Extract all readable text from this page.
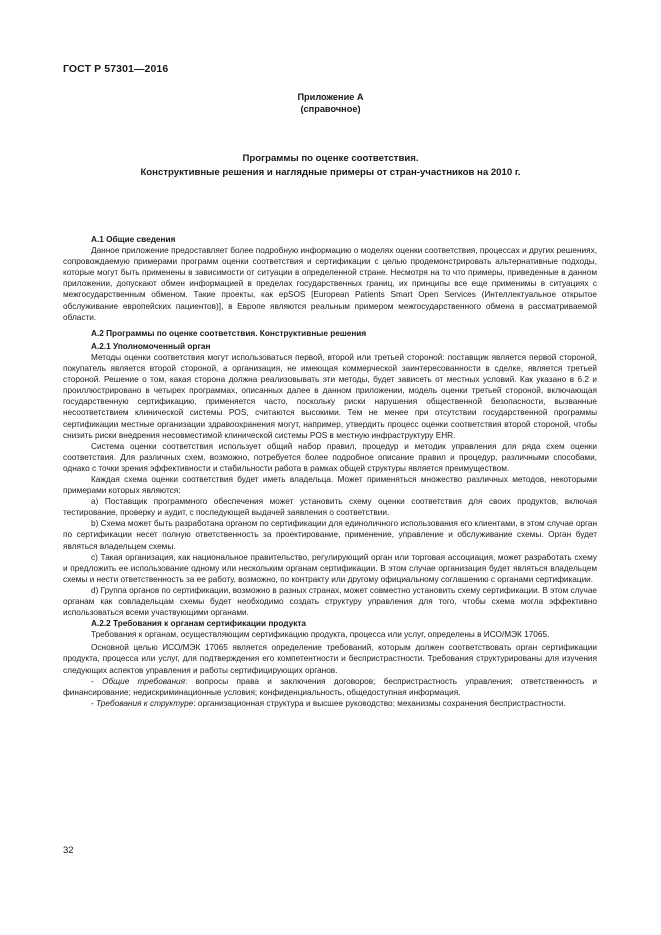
ГОСТ Р 57301—2016
Приложение А
(справочное)
Программы по оценке соответствия.
Конструктивные решения и наглядные примеры от стран-участников на 2010 г.

А.1 Общие сведения

Данное приложение предоставляет более подробную информацию о моделях оценки соответствия, процессах и других решениях, сопровождаемую примерами программ оценки соответствия и сертификации с целью продемонстрировать альтернативные подходы, которые могут быть применены в зависимости от ситуации в определенной стране. Несмотря на то что примеры, приведенные в данном приложении, допускают обмен информацией в пределах государственных границ, их принципы все еще применимы в ситуациях с межгосударственным обменом. Такие проекты, как epSOS [European Patients Smart Open Services (Интеллектуальное открытое обслуживание европейских пациентов)], в Европе являются реальным примером межгосударственного обмена в рассматриваемой области.

А.2 Программы по оценке соответствия. Конструктивные решения

А.2.1 Уполномоченный орган

Методы оценки соответствия могут использоваться первой, второй или третьей стороной: поставщик является первой стороной, покупатель является второй стороной, а организация, не имеющая коммерческой заинтересованности в сделке, является третьей стороной. Решение о том, какая сторона должна реализовывать эти методы, будет зависеть от местных условий. Как указано в 6.2 и проиллюстрировано в четырех программах, описанных далее в данном приложении, модель оценки третьей стороной, включающая государственную сертификацию, применяется часто, поскольку риски нарушения общественной безопасности, вызванные несоответствием клинической системы POS, считаются высокими. Тем не менее при отсутствии государственной программы сертификации местные организации здравоохранения могут, например, утвердить процесс оценки соответствия второй стороной, чтобы снизить риски внедрения несовместимой клинической системы POS в местную инфраструктуру EHR.

Система оценки соответствия использует общий набор правил, процедур и методик управления для ряда схем оценки соответствия. Для различных схем, возможно, потребуется более подробное описание правил и процедур, различными способами, однако с точки зрения эффективности и стабильности работа в рамках общей структуры является преимуществом.

Каждая схема оценки соответствия будет иметь владельца. Может применяться множество различных методов, некоторыми примерами которых являются:

a) Поставщик программного обеспечения может установить схему оценки соответствия для своих продуктов, включая тестирование, проверку и аудит, с последующей выдачей заявления о соответствии.

b) Схема может быть разработана органом по сертификации для единоличного использования его клиентами, в этом случае орган по сертификации несет полную ответственность за проектирование, применение, управление и обслуживание схемы. Орган будет являться владельцем схемы.

c) Такая организация, как национальное правительство, регулирующий орган или торговая ассоциация, может разработать схему и предложить ее использование одному или нескольким органам сертификации. В этом случае организация будет являться владельцем схемы и нести ответственность за ее работу, возможно, по контракту или другому официальному соглашению с органами сертификации.

d) Группа органов по сертификации, возможно в разных странах, может совместно установить схему сертификации. В этом случае органам как совладельцам схемы будет необходимо создать структуру управления для того, чтобы схема могла эффективно использоваться всеми участвующими органами.

А.2.2 Требования к органам сертификации продукта

Требования к органам, осуществляющим сертификацию продукта, процесса или услуг, определены в ИСО/МЭК 17065.

Основной целью ИСО/МЭК 17065 является определение требований, которым должен соответствовать орган сертификации продукта, процесса или услуг, для подтверждения его компетентности и беспристрастности. Требования структурированы для изучения следующих аспектов управления и работы сертифицирующих органов.

- Общие требования: вопросы права и заключения договоров; беспристрастность управления; ответственность и финансирование; недискриминационные условия; конфиденциальность, общедоступная информация.

- Требования к структуре: организационная структура и высшее руководство; механизмы сохранения беспристрастности.

32
